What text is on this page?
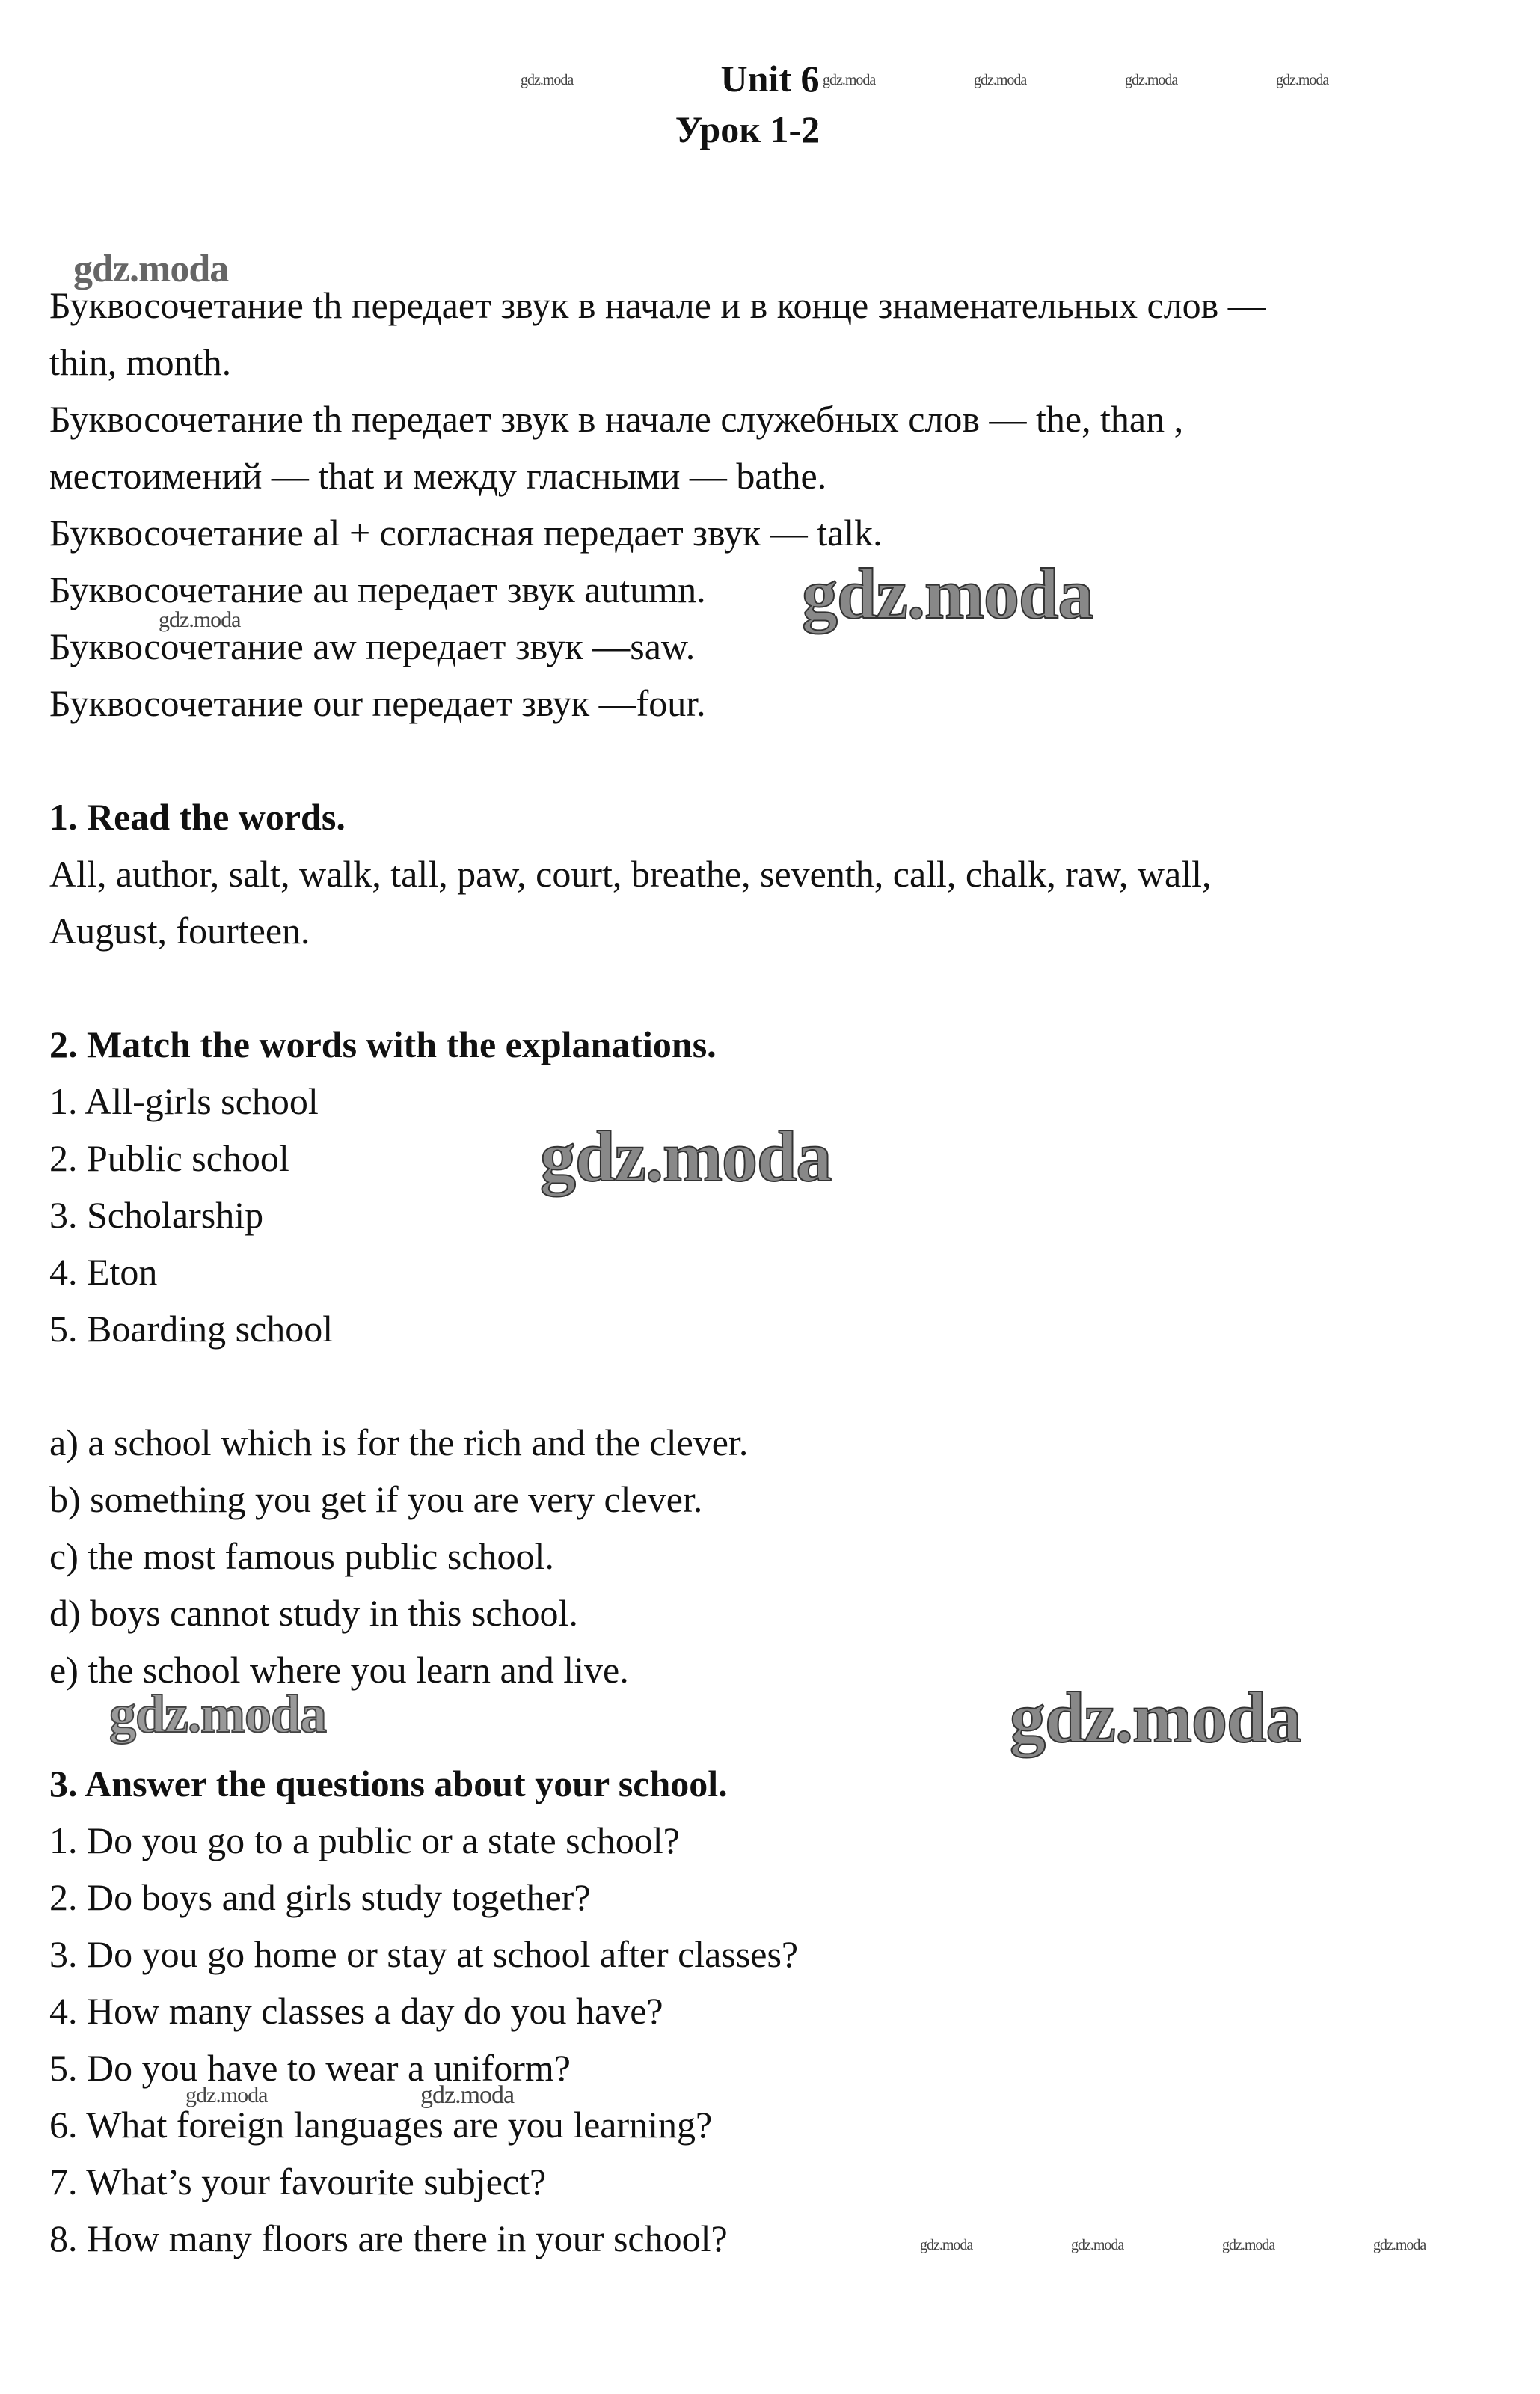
Unit 6
Урок 1-2
Буквосочетание th передает звук в начале и в конце знаменательных слов —
thin, month.
Буквосочетание th передает звук в начале служебных слов — the, than ,
местоимений — that и между гласными — bathe.
Буквосочетание al + согласная передает звук — talk.
Буквосочетание au передает звук autumn.
Буквосочетание aw передает звук —saw.
Буквосочетание our передает звук —four.
1. Read the words.
All, author, salt, walk, tall, paw, court, breathe, seventh, call, chalk, raw, wall,
August, fourteen.
2. Match the words with the explanations.
1. All-girls school
2. Public school
3. Scholarship
4. Eton
5. Boarding school
a) a school which is for the rich and the clever.
b) something you get if you are very clever.
c) the most famous public school.
d) boys cannot study in this school.
e) the school where you learn and live.
3. Answer the questions about your school.
1. Do you go to a public or a state school?
2. Do boys and girls study together?
3. Do you go home or stay at school after classes?
4. How many classes a day do you have?
5. Do you have to wear a uniform?
6. What foreign languages are you learning?
7. What’s your favourite subject?
8. How many floors are there in your school?
gdz.moda	gdz.moda	gdz.moda	gdz.moda	gdz.moda
gdz.moda
gdz.moda
gdz.moda
gdz.moda
gdz.moda	gdz.moda
gdz.moda	gdz.moda
gdz.moda	gdz.moda	gdz.moda	gdz.moda
